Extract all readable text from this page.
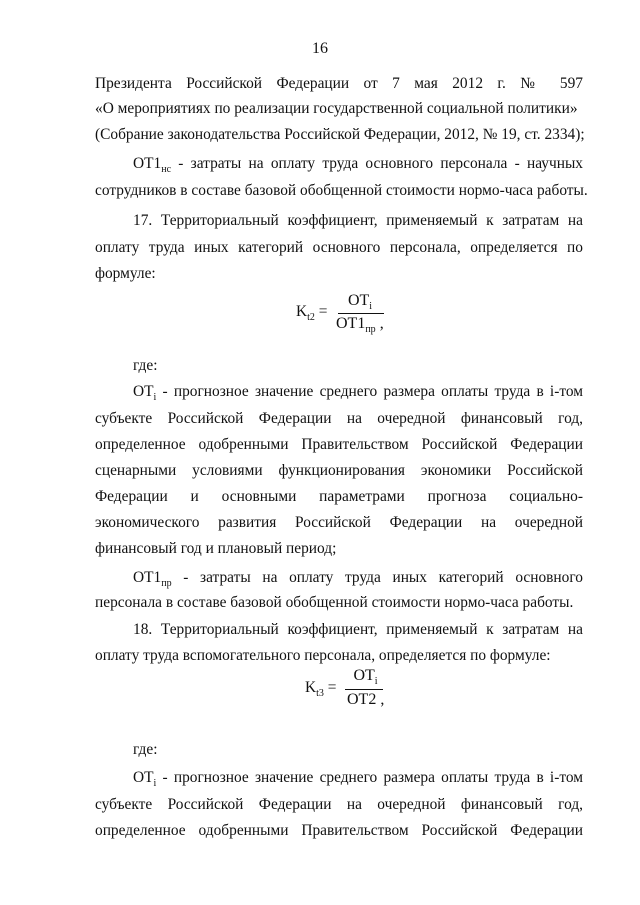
16
Президента Российской Федерации от 7 мая 2012 г. № 597
«О мероприятиях по реализации государственной социальной политики»
(Собрание законодательства Российской Федерации, 2012, № 19, ст. 2334);
$ОТ1_{нс}$ - затраты на оплату труда основного персонала - научных
сотрудников в составе базовой обобщенной стоимости нормо-часа работы.
17. Территориальный коэффициент, применяемый к затратам на
оплату труда иных категорий основного персонала, определяется по
формуле:
$K_{t2}$ =
$OT_i$
$OT1_{пр}$ ,
где:
$ОТ_i$ - прогнозное значение среднего размера оплаты труда в i-том
субъекте Российской Федерации на очередной финансовый год,
определенное одобренными Правительством Российской Федерации
сценарными условиями функционирования экономики Российской
Федерации и основными параметрами прогноза социально-
экономического развития Российской Федерации на очередной
финансовый год и плановый период;
$ОТ1_{пр}$ - затраты на оплату труда иных категорий основного
персонала в составе базовой обобщенной стоимости нормо-часа работы.
18. Территориальный коэффициент, применяемый к затратам на
оплату труда вспомогательного персонала, определяется по формуле:
$K_{t3}$ =
$OT_i$
OT2 ,
где:
$ОТ_i$ - прогнозное значение среднего размера оплаты труда в i-том
субъекте Российской Федерации на очередной финансовый год,
определенное одобренными Правительством Российской Федерации
